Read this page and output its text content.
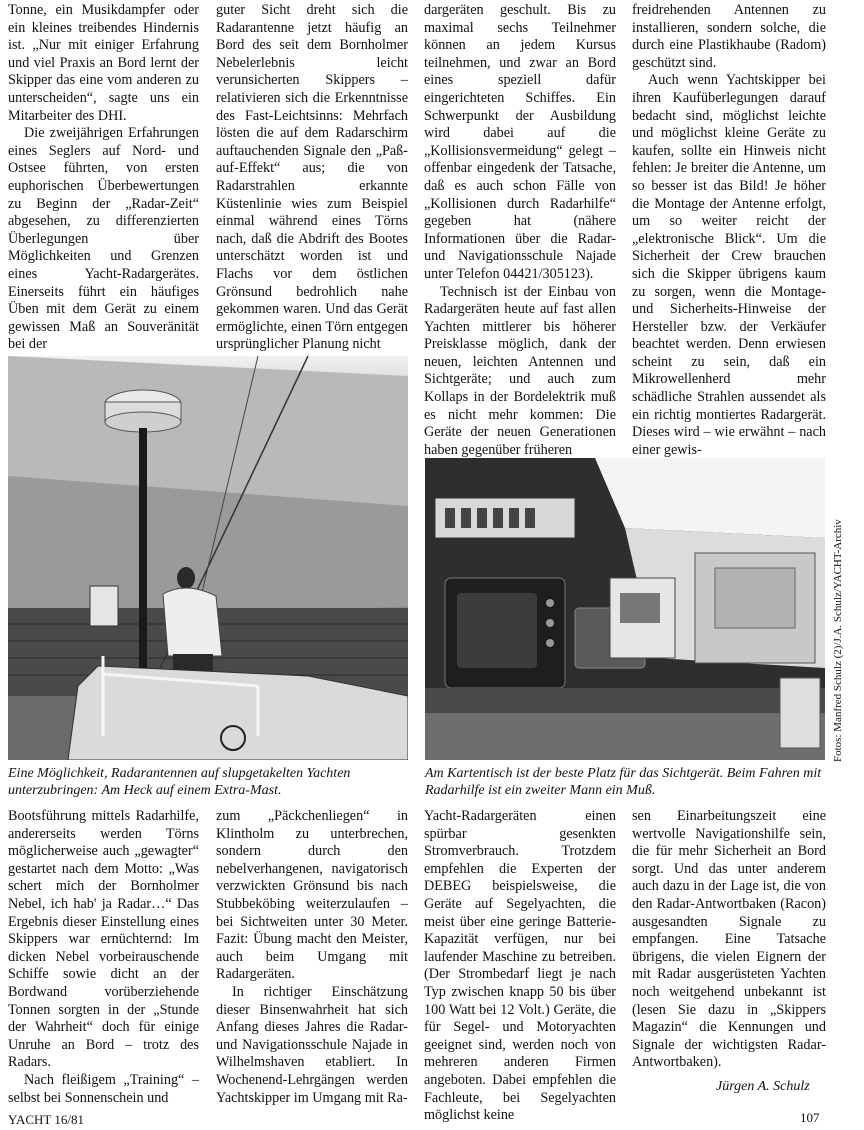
Tonne, ein Musikdampfer oder ein kleines treibendes Hindernis ist. „Nur mit einiger Erfahrung und viel Praxis an Bord lernt der Skipper das eine vom anderen zu unterscheiden“, sagte uns ein Mitarbeiter des DHI.

Die zweijährigen Erfahrungen eines Seglers auf Nord- und Ostsee führten, von ersten euphorischen Überbewertungen zu Beginn der „Radar-Zeit“ abgesehen, zu differenzierten Überlegungen über Möglichkeiten und Grenzen eines Yacht-Radargerätes. Einerseits führt ein häufiges Üben mit dem Gerät zu einem gewissen Maß an Souveränität bei der

guter Sicht dreht sich die Radarantenne jetzt häufig an Bord des seit dem Bornholmer Nebelerlebnis leicht verunsicherten Skippers – relativieren sich die Erkenntnisse des Fast-Leichtsinns: Mehrfach lösten die auf dem Radarschirm auftauchenden Signale den „Paß-auf-Effekt“ aus; die von Radarstrahlen erkannte Küstenlinie wies zum Beispiel einmal während eines Törns nach, daß die Abdrift des Bootes unterschätzt worden ist und Flachs vor dem östlichen Grönsund bedrohlich nahe gekommen waren. Und das Gerät ermöglichte, einen Törn entgegen ursprünglicher Planung nicht

dargeräten geschult. Bis zu maximal sechs Teilnehmer können an jedem Kursus teilnehmen, und zwar an Bord eines speziell dafür eingerichteten Schiffes. Ein Schwerpunkt der Ausbildung wird dabei auf die „Kollisionsvermeidung“ gelegt – offenbar eingedenk der Tatsache, daß es auch schon Fälle von „Kollisionen durch Radarhilfe“ gegeben hat (nähere Informationen über die Radar- und Navigationsschule Najade unter Telefon 04421/305123).

Technisch ist der Einbau von Radargeräten heute auf fast allen Yachten mittlerer bis höherer Preisklasse möglich, dank der neuen, leichten Antennen und Sichtgeräte; und auch zum Kollaps in der Bordelektrik muß es nicht mehr kommen: Die Geräte der neuen Generationen haben gegenüber früheren

freidrehenden Antennen zu installieren, sondern solche, die durch eine Plastikhaube (Radom) geschützt sind.

Auch wenn Yachtskipper bei ihren Kaufüberlegungen darauf bedacht sind, möglichst leichte und möglichst kleine Geräte zu kaufen, sollte ein Hinweis nicht fehlen: Je breiter die Antenne, um so besser ist das Bild! Je höher die Montage der Antenne erfolgt, um so weiter reicht der „elektronische Blick“. Um die Sicherheit der Crew brauchen sich die Skipper übrigens kaum zu sorgen, wenn die Montage- und Sicherheits-Hinweise der Hersteller bzw. der Verkäufer beachtet werden. Denn erwiesen scheint zu sein, daß ein Mikrowellenherd mehr schädliche Strahlen aussendet als ein richtig montiertes Radargerät. Dieses wird – wie erwähnt – nach einer gewis-

Eine Möglichkeit, Radarantennen auf slupgetakelten Yachten unterzubringen: Am Heck auf einem Extra-Mast.
Fotos: Manfred Schulz (2)/J.A. Schulz/YACHT-Archiv
Am Kartentisch ist der beste Platz für das Sichtgerät. Beim Fahren mit Radarhilfe ist ein zweiter Mann ein Muß.

Bootsführung mittels Radarhilfe, andererseits werden Törns möglicherweise auch „gewagter“ gestartet nach dem Motto: „Was schert mich der Bornholmer Nebel, ich hab' ja Radar…“ Das Ergebnis dieser Einstellung eines Skippers war ernüchternd: Im dicken Nebel vorbeirauschende Schiffe sowie dicht an der Bordwand vorüberziehende Tonnen sorgten in der „Stunde der Wahrheit“ doch für einige Unruhe an Bord – trotz des Radars.

Nach fleißigem „Training“ – selbst bei Sonnenschein und

zum „Päckchenliegen“ in Klintholm zu unterbrechen, sondern durch den nebelverhangenen, navigatorisch verzwickten Grönsund bis nach Stubbeköbing weiterzulaufen – bei Sichtweiten unter 30 Meter. Fazit: Übung macht den Meister, auch beim Umgang mit Radargeräten.

In richtiger Einschätzung dieser Binsenwahrheit hat sich Anfang dieses Jahres die Radar- und Navigationsschule Najade in Wilhelmshaven etabliert. In Wochenend-Lehrgängen werden Yachtskipper im Umgang mit Ra-

Yacht-Radargeräten einen spürbar gesenkten Stromverbrauch. Trotzdem empfehlen die Experten der DEBEG beispielsweise, die Geräte auf Segelyachten, die meist über eine geringe Batterie-Kapazität verfügen, nur bei laufender Maschine zu betreiben. (Der Strombedarf liegt je nach Typ zwischen knapp 50 bis über 100 Watt bei 12 Volt.) Geräte, die für Segel- und Motoryachten geeignet sind, werden noch von mehreren anderen Firmen angeboten. Dabei empfehlen die Fachleute, bei Segelyachten möglichst keine

sen Einarbeitungszeit eine wertvolle Navigationshilfe sein, die für mehr Sicherheit an Bord sorgt. Und das unter anderem auch dazu in der Lage ist, die von den Radar-Antwortbaken (Racon) ausgesandten Signale zu empfangen. Eine Tatsache übrigens, die vielen Eignern der mit Radar ausgerüsteten Yachten noch weitgehend unbekannt ist (lesen Sie dazu in „Skippers Magazin“ die Kennungen und Signale der wichtigsten Radar-Antwortbaken).

Jürgen A. Schulz
YACHT 16/81	107
